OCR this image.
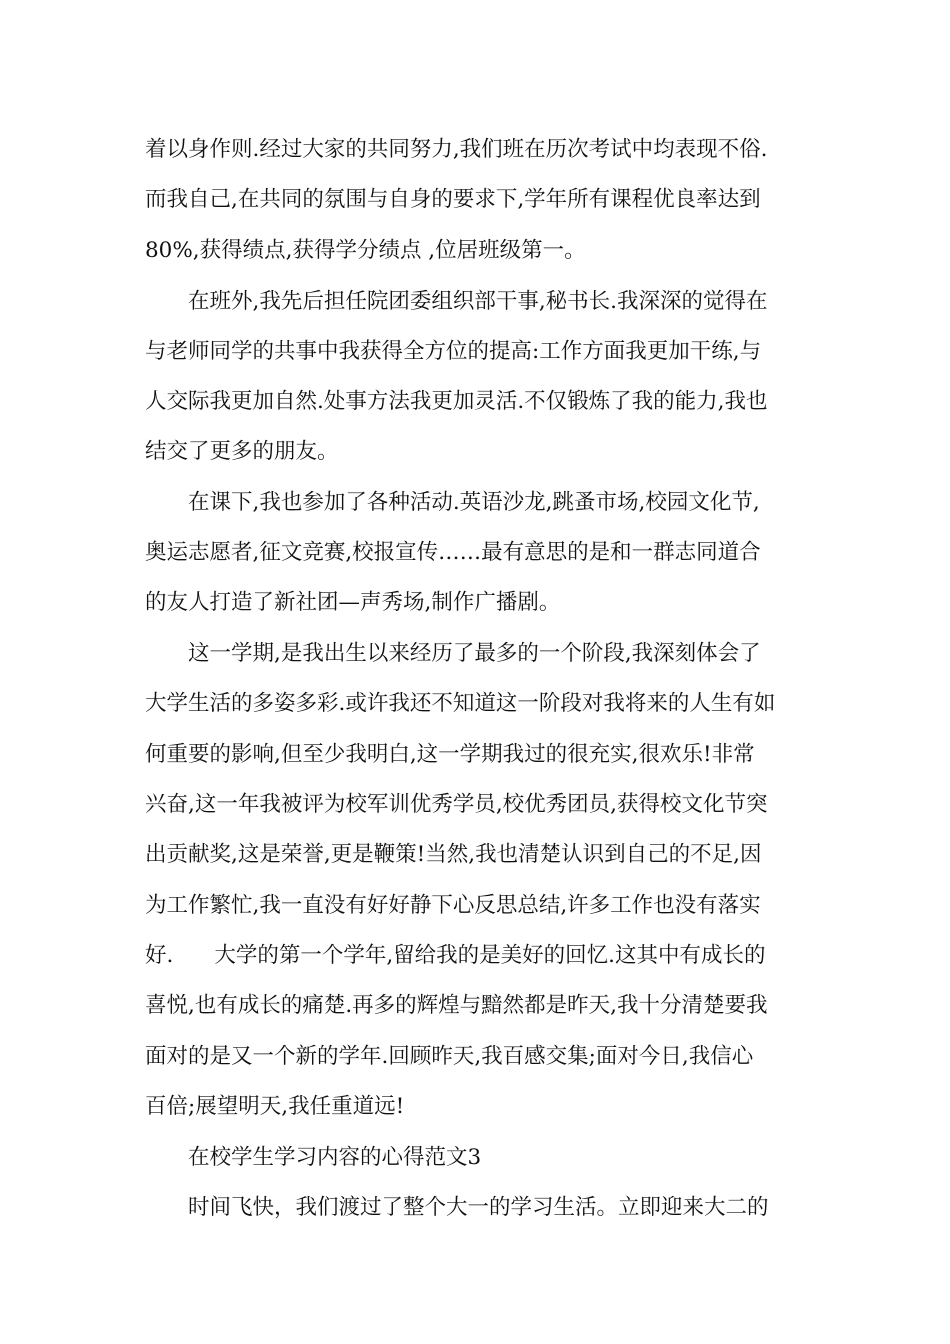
着以身作则.经过大家的共同努力,我们班在历次考试中均表现不俗.
而我自己,在共同的氛围与自身的要求下,学年所有课程优良率达到
80%,获得绩点,获得学分绩点 ,位居班级第一。
在班外,我先后担任院团委组织部干事,秘书长.我深深的觉得在
与老师同学的共事中我获得全方位的提高:工作方面我更加干练,与
人交际我更加自然.处事方法我更加灵活.不仅锻炼了我的能力,我也
结交了更多的朋友。
在课下,我也参加了各种活动.英语沙龙,跳蚤市场,校园文化节,
奥运志愿者,征文竞赛,校报宣传……最有意思的是和一群志同道合
的友人打造了新社团—声秀场,制作广播剧。
这一学期,是我出生以来经历了最多的一个阶段,我深刻体会了
大学生活的多姿多彩.或许我还不知道这一阶段对我将来的人生有如
何重要的影响,但至少我明白,这一学期我过的很充实,很欢乐!非常
兴奋,这一年我被评为校军训优秀学员,校优秀团员,获得校文化节突
出贡献奖,这是荣誉,更是鞭策!当然,我也清楚认识到自己的不足,因
为工作繁忙,我一直没有好好静下心反思总结,许多工作也没有落实
好.      大学的第一个学年,留给我的是美好的回忆.这其中有成长的
喜悦,也有成长的痛楚.再多的辉煌与黯然都是昨天,我十分清楚要我
面对的是又一个新的学年.回顾昨天,我百感交集;面对今日,我信心
百倍;展望明天,我任重道远!
在校学生学习内容的心得范文3
时间飞快，我们渡过了整个大一的学习生活。立即迎来大二的
